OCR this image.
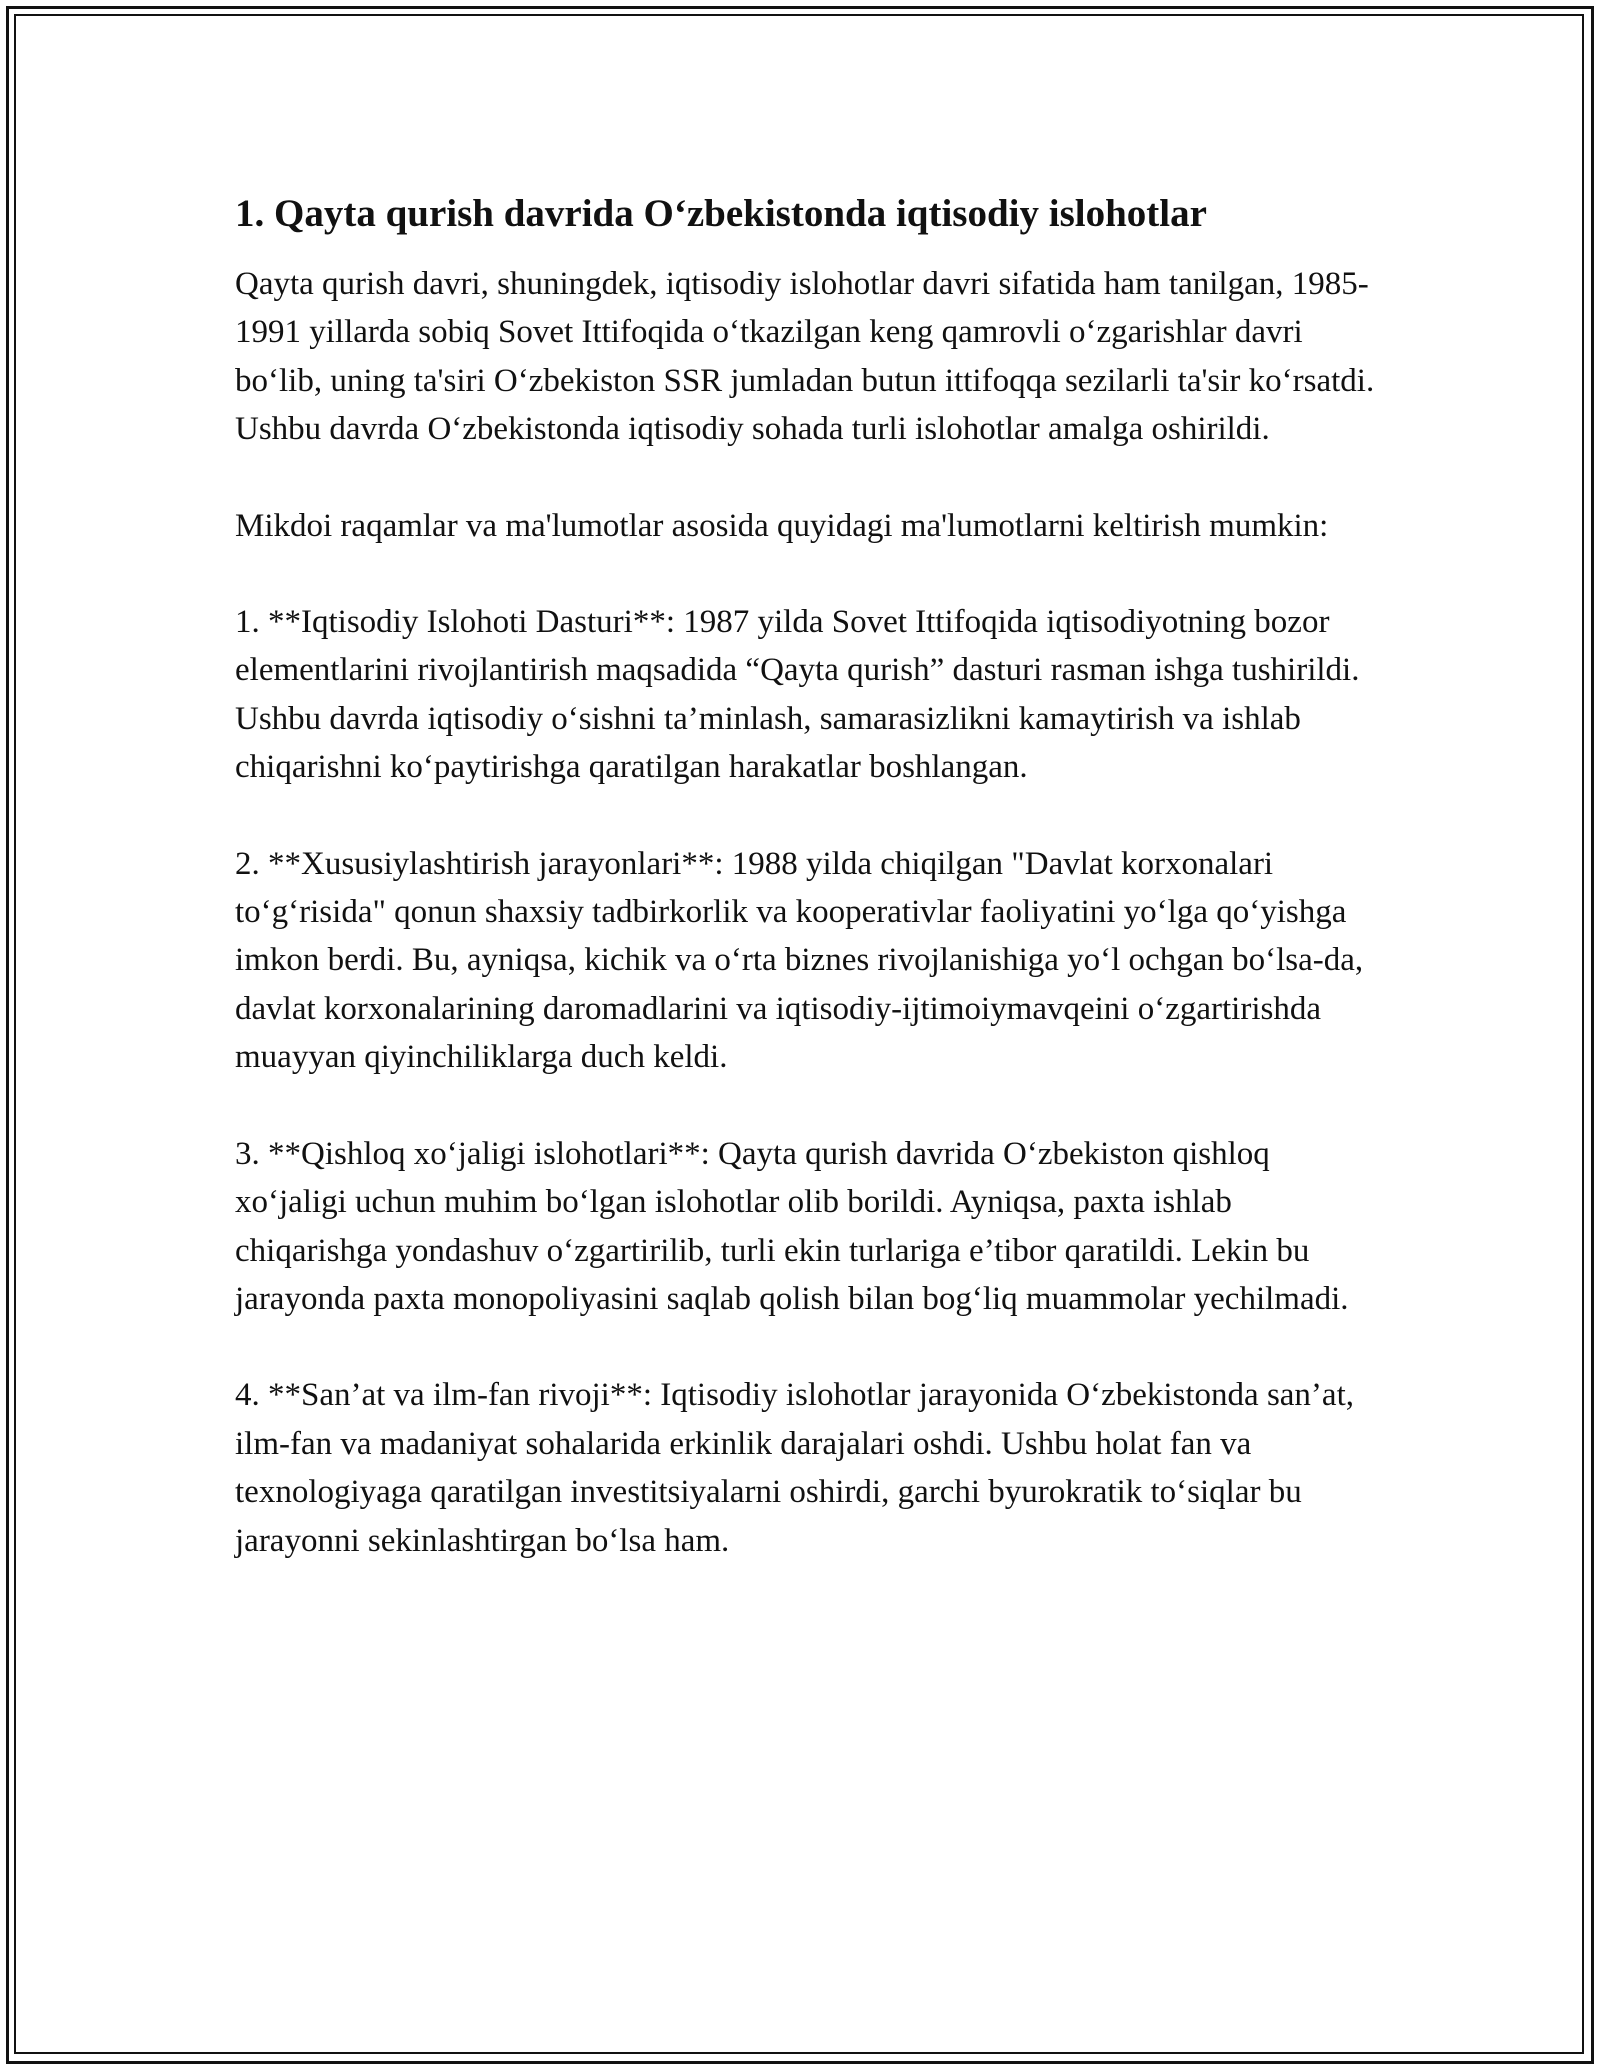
1. Qayta qurish davrida O‘zbekistonda iqtisodiy islohotlar

Qayta qurish davri, shuningdek, iqtisodiy islohotlar davri sifatida ham tanilgan, 1985-1991 yillarda sobiq Sovet Ittifoqida o‘tkazilgan keng qamrovli o‘zgarishlar davri bo‘lib, uning ta'siri O‘zbekiston SSR jumladan butun ittifoqqa sezilarli ta'sir ko‘rsatdi. Ushbu davrda O‘zbekistonda iqtisodiy sohada turli islohotlar amalga oshirildi.

Mikdoi raqamlar va ma'lumotlar asosida quyidagi ma'lumotlarni keltirish mumkin:

1. **Iqtisodiy Islohoti Dasturi**: 1987 yilda Sovet Ittifoqida iqtisodiyotning bozor elementlarini rivojlantirish maqsadida “Qayta qurish” dasturi rasman ishga tushirildi. Ushbu davrda iqtisodiy o‘sishni ta’minlash, samarasizlikni kamaytirish va ishlab chiqarishni ko‘paytirishga qaratilgan harakatlar boshlangan.

2. **Xususiylashtirish jarayonlari**: 1988 yilda chiqilgan "Davlat korxonalari to‘g‘risida" qonun shaxsiy tadbirkorlik va kooperativlar faoliyatini yo‘lga qo‘yishga imkon berdi. Bu, ayniqsa, kichik va o‘rta biznes rivojlanishiga yo‘l ochgan bo‘lsa-da, davlat korxonalarining daromadlarini va iqtisodiy-ijtimoiymavqeini o‘zgartirishda muayyan qiyinchiliklarga duch keldi.

3. **Qishloq xo‘jaligi islohotlari**: Qayta qurish davrida O‘zbekiston qishloq xo‘jaligi uchun muhim bo‘lgan islohotlar olib borildi. Ayniqsa, paxta ishlab chiqarishga yondashuv o‘zgartirilib, turli ekin turlariga e’tibor qaratildi. Lekin bu jarayonda paxta monopoliyasini saqlab qolish bilan bog‘liq muammolar yechilmadi.

4. **San’at va ilm-fan rivoji**: Iqtisodiy islohotlar jarayonida O‘zbekistonda san’at, ilm-fan va madaniyat sohalarida erkinlik darajalari oshdi. Ushbu holat fan va texnologiyaga qaratilgan investitsiyalarni oshirdi, garchi byurokratik to‘siqlar bu jarayonni sekinlashtirgan bo‘lsa ham.
